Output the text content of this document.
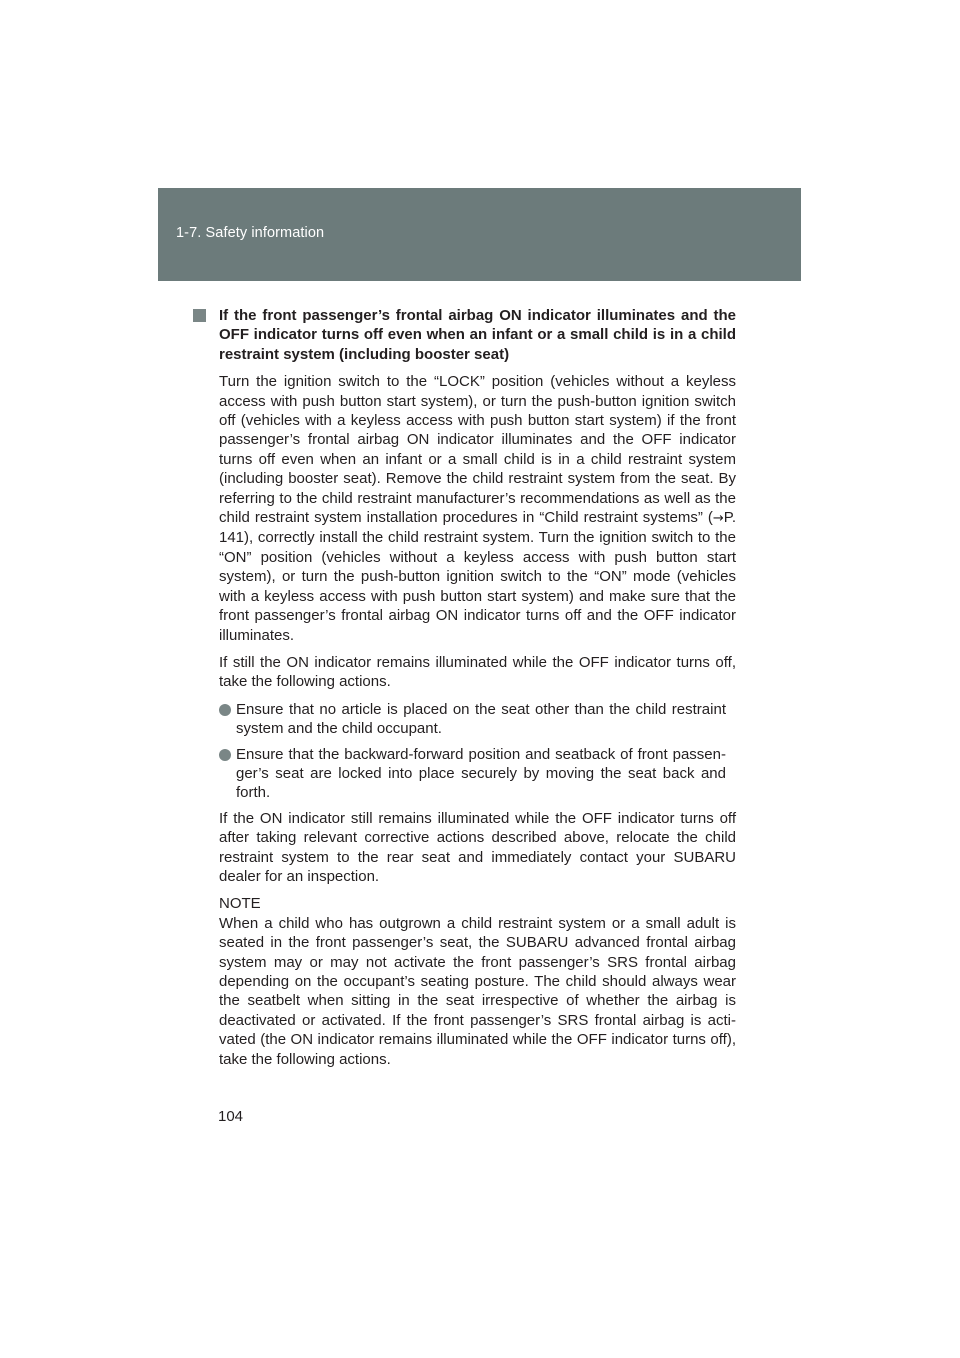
1-7. Safety information
If the front passenger’s frontal airbag ON indicator illuminates and the OFF indicator turns off even when an infant or a small child is in a child restraint system (including booster seat)

Turn the ignition switch to the “LOCK” position (vehicles without a keyless access with push button start system), or turn the push-button ignition switch off (vehicles with a keyless access with push button start system) if the front passenger’s frontal airbag ON indicator illuminates and the OFF indicator turns off even when an infant or a small child is in a child restraint system (including booster seat). Remove the child restraint system from the seat. By referring to the child restraint manufacturer’s recommendations as well as the child restraint system installation procedures in “Child restraint systems” (→P. 141), correctly install the child restraint system. Turn the ignition switch to the “ON” position (vehicles without a keyless access with push button start system), or turn the push-button ignition switch to the “ON” mode (vehicles with a keyless access with push button start system) and make sure that the front passenger’s frontal airbag ON indicator turns off and the OFF indicator illuminates.

If still the ON indicator remains illuminated while the OFF indicator turns off, take the following actions.

Ensure that no article is placed on the seat other than the child restraint system and the child occupant.
Ensure that the backward-forward position and seatback of front passen-ger’s seat are locked into place securely by moving the seat back and forth.

If the ON indicator still remains illuminated while the OFF indicator turns off after taking relevant corrective actions described above, relocate the child restraint system to the rear seat and immediately contact your SUBARU dealer for an inspection.

NOTE
When a child who has outgrown a child restraint system or a small adult is seated in the front passenger’s seat, the SUBARU advanced frontal airbag system may or may not activate the front passenger’s SRS frontal airbag depending on the occupant’s seating posture. The child should always wear the seatbelt when sitting in the seat irrespective of whether the airbag is deactivated or activated. If the front passenger’s SRS frontal airbag is acti-vated (the ON indicator remains illuminated while the OFF indicator turns off), take the following actions.

104
